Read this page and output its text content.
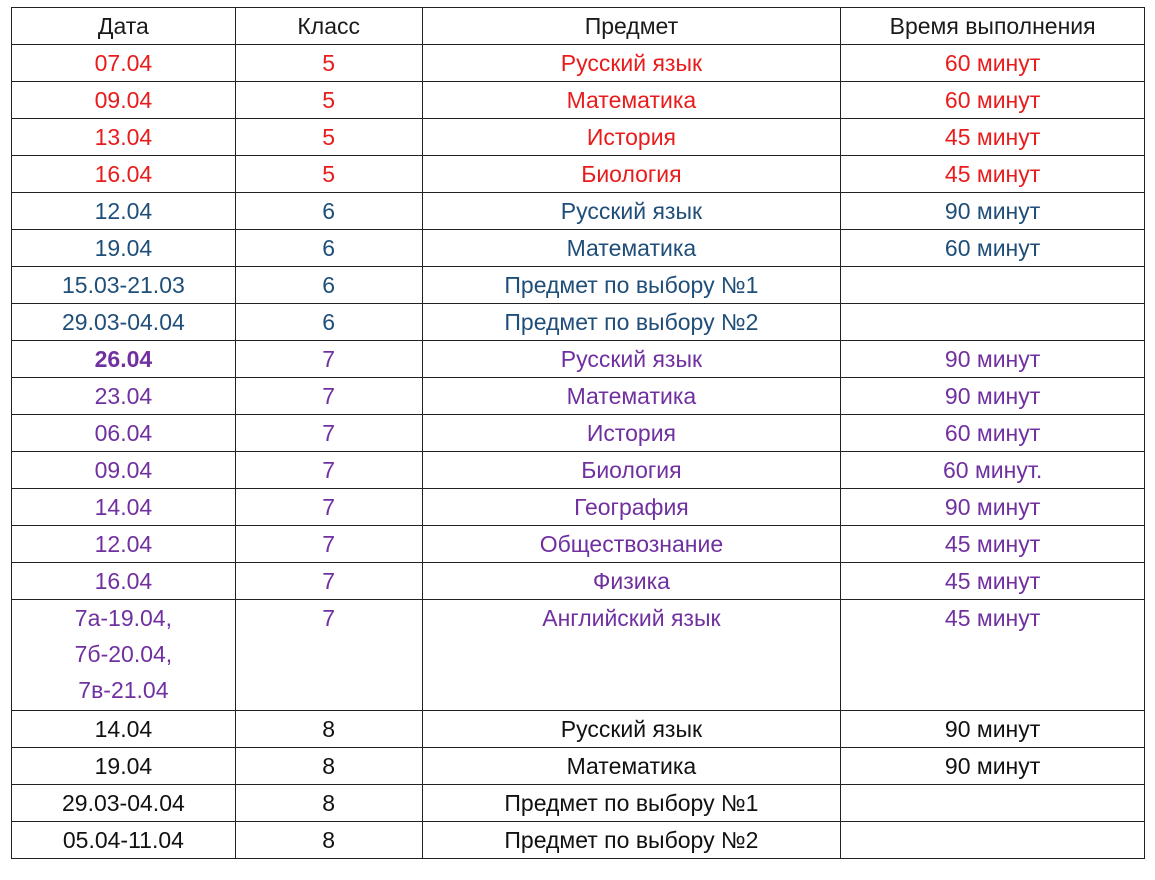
Дата	Класс	Предмет	Время выполнения
07.04	5	Русский язык	60 минут
09.04	5	Математика	60 минут
13.04	5	История	45 минут
16.04	5	Биология	45 минут
12.04	6	Русский язык	90 минут
19.04	6	Математика	60 минут
15.03-21.03	6	Предмет по выбору №1	
29.03-04.04	6	Предмет по выбору №2	
26.04	7	Русский язык	90 минут
23.04	7	Математика	90 минут
06.04	7	История	60 минут
09.04	7	Биология	60 минут.
14.04	7	География	90 минут
12.04	7	Обществознание	45 минут
16.04	7	Физика	45 минут

7а-19.04,
7б-20.04,
7в-21.04	7	Английский язык	45 минут
14.04	8	Русский язык	90 минут
19.04	8	Математика	90 минут
29.03-04.04	8	Предмет по выбору №1	
05.04-11.04	8	Предмет по выбору №2	
